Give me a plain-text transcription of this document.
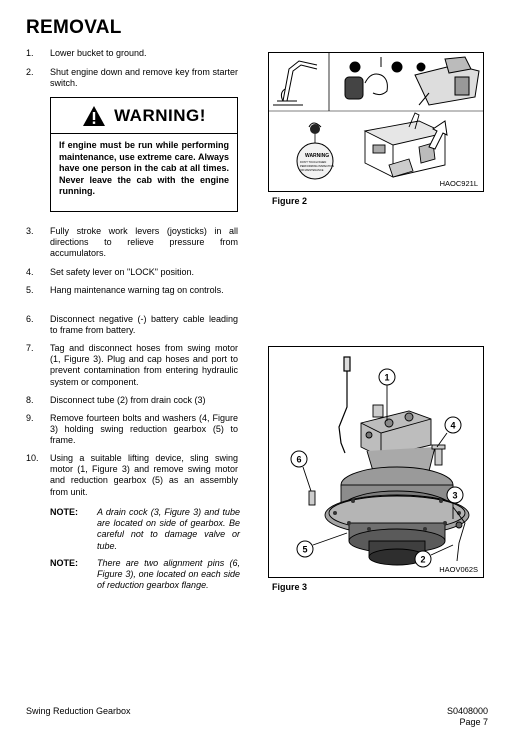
REMOVAL
1. Lower bucket to ground.
2. Shut engine down and remove key from starter switch.
WARNING!
If engine must be run while performing maintenance, use extreme care. Always have one person in the cab at all times. Never leave the cab with the engine running.
3. Fully stroke work levers (joysticks) in all directions to relieve pressure from accumulators.
4. Set safety lever on "LOCK" position.
5. Hang maintenance warning tag on controls.
6. Disconnect negative (-) battery cable leading to frame from battery.
7. Tag and disconnect hoses from swing motor (1, Figure 3). Plug and cap hoses and port to prevent contamination from entering hydraulic system or component.
8. Disconnect tube (2) from drain cock (3)
9. Remove fourteen bolts and washers (4, Figure 3) holding swing reduction gearbox (5) to frame.
10. Using a suitable lifting device, sling swing motor (1, Figure 3) and remove swing motor and reduction gearbox (5) as an assembly from unit.
NOTE: A drain cock (3, Figure 3) and tube are located on side of gearbox. Be careful not to damage valve or tube.
NOTE: There are two alignment pins (6, Figure 3), one located on each side of reduction gearbox flange.
0	1
WARNING
DON'T TOUCH WHEN
PERFORMING INSPECTION
OR MAINTENANCE
HAOC921L
Figure 2
1
2
3
4
5
6
HAOV062S
Figure 3
Swing Reduction Gearbox	S0408000
Page 7
